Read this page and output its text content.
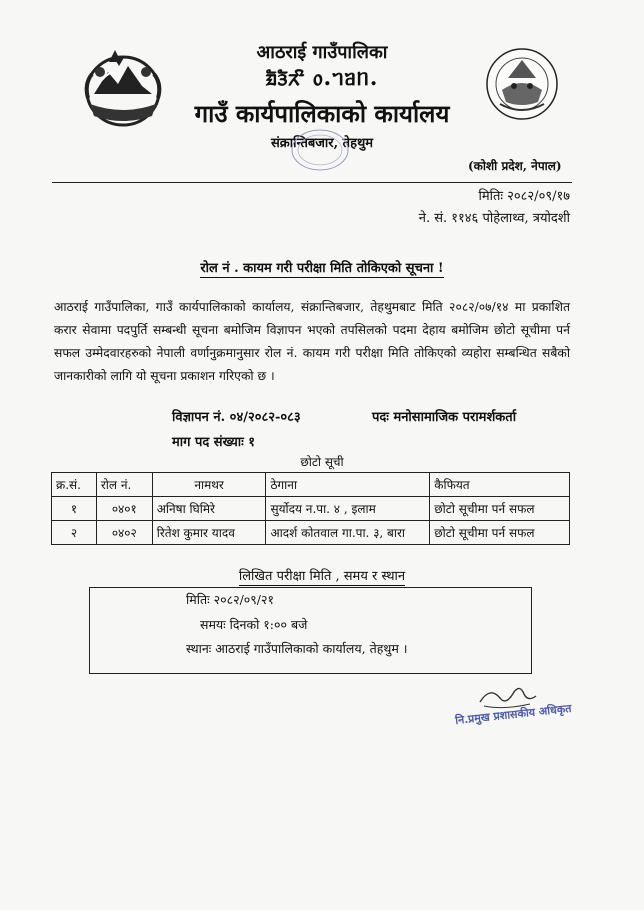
आठराई गाउँपालिका
ᤀᤠᤋᤠᤖᤡ ᥆.ᥐᥑᥒ.
गाउँ कार्यपालिकाको कार्यालय
संक्रान्तिबजार, तेहथुम
(कोशी प्रदेश, नेपाल)
मितिः २०८२/०९/१७
ने. सं. ११४६ पोहेलाथ्व, त्रयोदशी
रोल नं . कायम गरी परीक्षा मिति तोकिएको सूचना !
आठराई गाउँपालिका, गाउँ कार्यपालिकाको कार्यालय, संक्रान्तिबजार, तेहथुमबाट मिति २०८२/०७/१४ मा प्रकाशित करार सेवामा पदपुर्ति सम्बन्धी सूचना बमोजिम विज्ञापन भएको तपसिलको पदमा देहाय बमोजिम छोटो सूचीमा पर्न सफल उम्मेदवारहरुको नेपाली वर्णानुक्रमानुसार रोल नं. कायम गरी परीक्षा मिति तोकिएको व्यहोरा सम्बन्धित सबैको जानकारीको लागि यो सूचना प्रकाशन गरिएको छ ।
विज्ञापन नं. ०४/२०८२-०८३	पदः मनोसामाजिक परामर्शकर्ता
माग पद संख्याः १
छोटो सूची
क्र.सं.	रोल नं.	नामथर	ठेगाना	कैफियत
१	०४०१	अनिषा घिमिरे	सुर्योदय न.पा. ४ , इलाम	छोटो सूचीमा पर्न सफल
२	०४०२	रितेश कुमार यादव	आदर्श कोतवाल गा.पा. ३, बारा	छोटो सूचीमा पर्न सफल
लिखित परीक्षा मिति , समय र स्थान
मितिः २०८२/०९/२१
समयः दिनको १:०० बजे
स्थानः आठराई गाउँपालिकाको कार्यालय, तेहथुम ।
नि.प्रमुख प्रशासकीय अधिकृत
